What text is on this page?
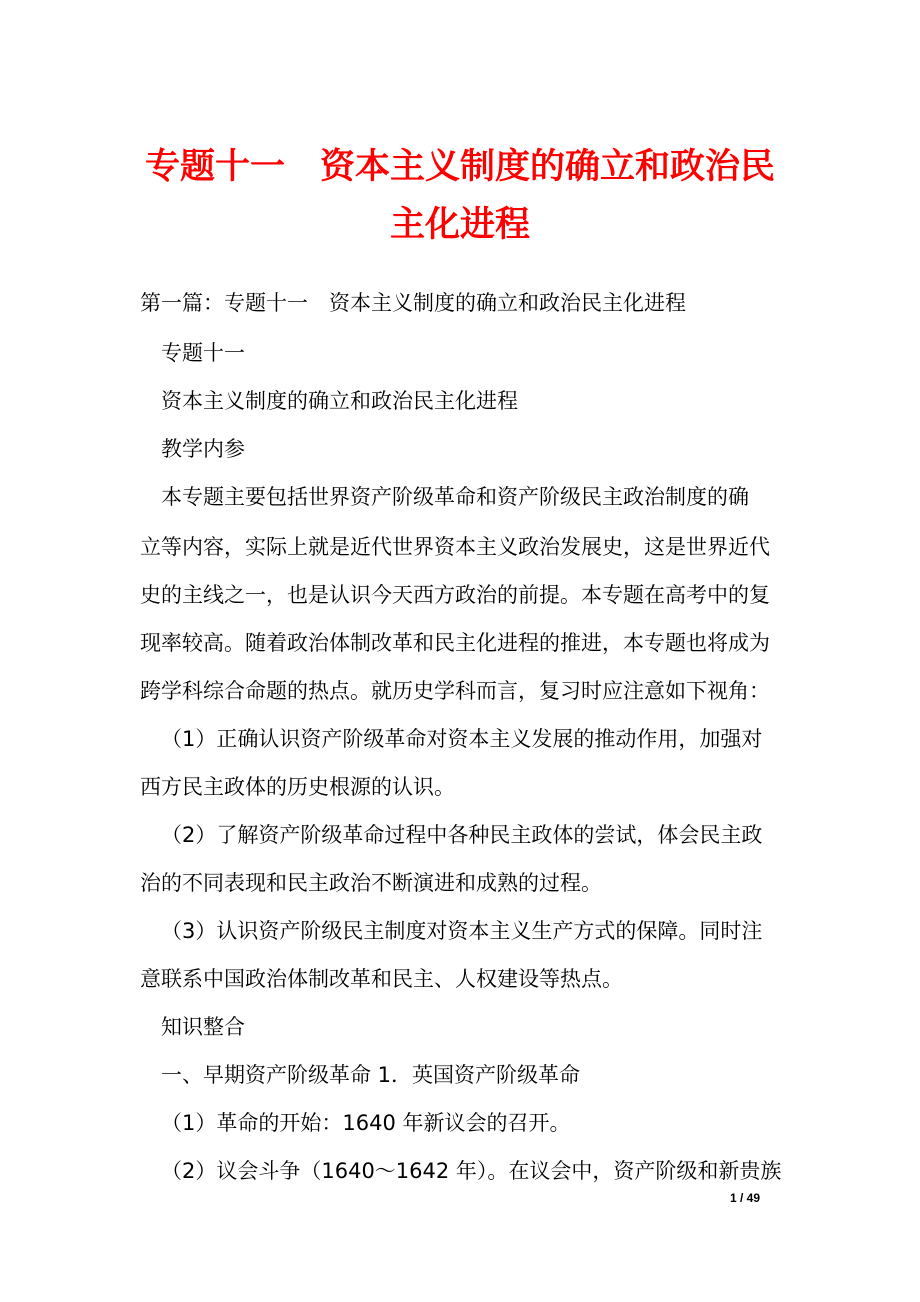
专题十一　资本主义制度的确立和政治民
主化进程
第一篇：专题十一　资本主义制度的确立和政治民主化进程
专题十一
资本主义制度的确立和政治民主化进程
教学内参
本专题主要包括世界资产阶级革命和资产阶级民主政治制度的确
立等内容，实际上就是近代世界资本主义政治发展史，这是世界近代
史的主线之一，也是认识今天西方政治的前提。本专题在高考中的复
现率较高。随着政治体制改革和民主化进程的推进，本专题也将成为
跨学科综合命题的热点。就历史学科而言，复习时应注意如下视角：
（1）正确认识资产阶级革命对资本主义发展的推动作用，加强对
西方民主政体的历史根源的认识。
（2）了解资产阶级革命过程中各种民主政体的尝试，体会民主政
治的不同表现和民主政治不断演进和成熟的过程。
（3）认识资产阶级民主制度对资本主义生产方式的保障。同时注
意联系中国政治体制改革和民主、人权建设等热点。
知识整合
一、早期资产阶级革命 1．英国资产阶级革命
（1）革命的开始：1640 年新议会的召开。
（2）议会斗争（1640～1642 年）。在议会中，资产阶级和新贵族
1 / 49
